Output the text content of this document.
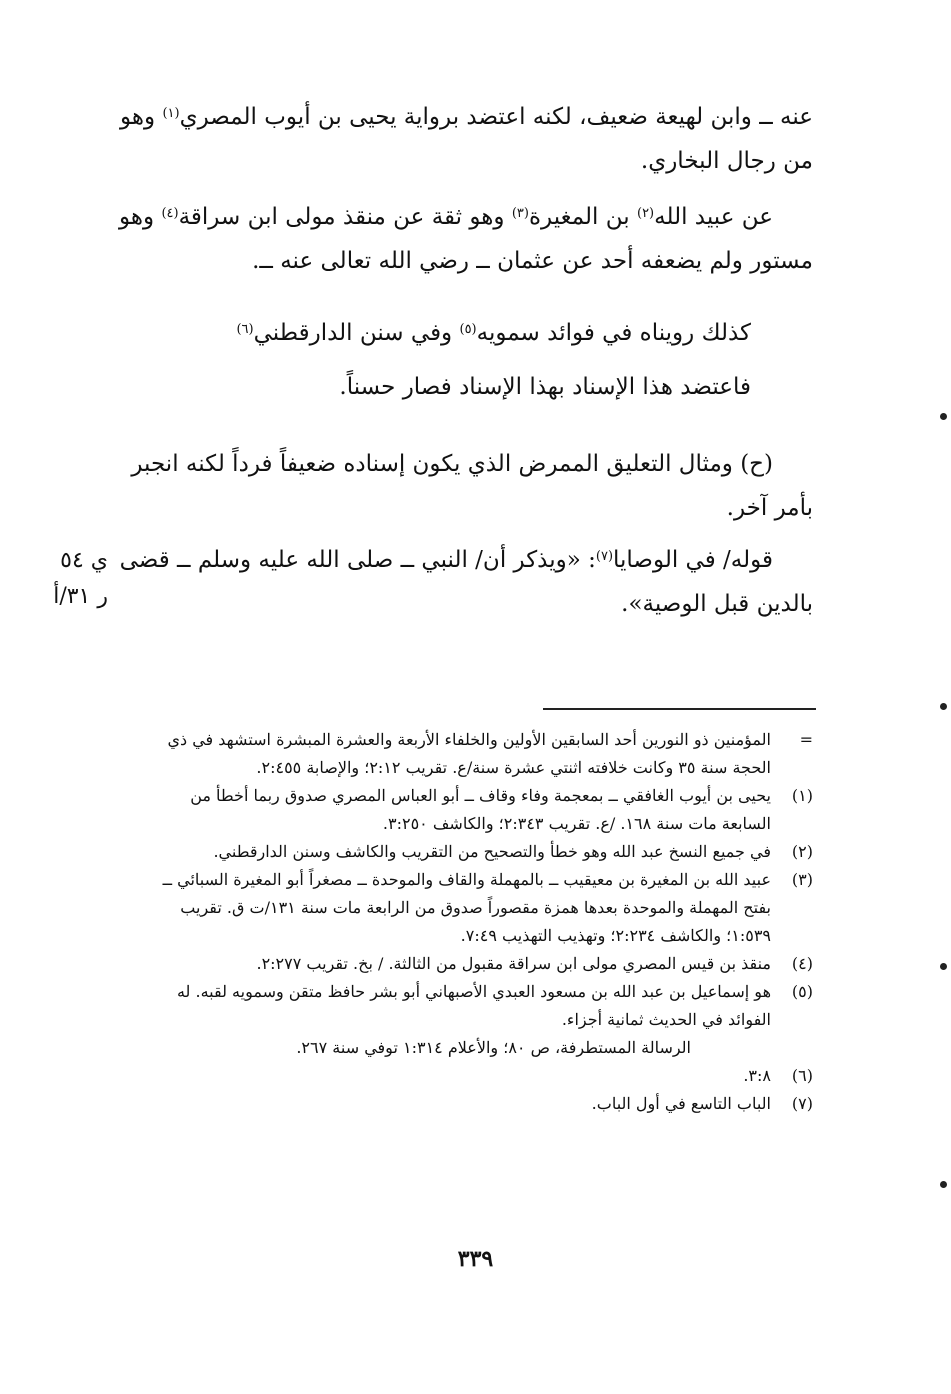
عنه ــ وابن لهيعة ضعيف، لكنه اعتضد برواية يحيى بن أيوب المصري$^{(١)}$ وهو
من رجال البخاري.
عن عبيد الله$^{(٢)}$ بن المغيرة$^{(٣)}$ وهو ثقة عن منقذ مولى ابن سراقة$^{(٤)}$ وهو
مستور ولم يضعفه أحد عن عثمان ــ رضي الله تعالى عنه ــ.
كذلك رويناه في فوائد سمويه$^{(٥)}$ وفي سنن الدارقطني$^{(٦)}$
فاعتضد هذا الإسناد بهذا الإسناد فصار حسناً.
(ح) ومثال التعليق الممرض الذي يكون إسناده ضعيفاً فرداً لكنه انجبر
بأمر آخر.
قوله/ في الوصايا$^{(٧)}$: «ويذكر أن/ النبي ــ صلى الله عليه وسلم ــ قضى
بالدين قبل الوصية».
ي ٥٤
ر ٣١/أ
=
المؤمنين ذو النورين أحد السابقين الأولين والخلفاء الأربعة والعشرة المبشرة استشهد في ذي
الحجة سنة ٣٥ وكانت خلافته اثنتي عشرة سنة/ع. تقريب ٢:١٢؛ والإصابة ٢:٤٥٥.
(١)
يحيى بن أيوب الغافقي ــ بمعجمة وفاء وقاف ــ أبو العباس المصري صدوق ربما أخطأ من
السابعة مات سنة ١٦٨. /ع. تقريب ٢:٣٤٣؛ والكاشف ٣:٢٥٠.
(٢)
في جميع النسخ عبد الله وهو خطأ والتصحيح من التقريب والكاشف وسنن الدارقطني.
(٣)
عبيد الله بن المغيرة بن معيقيب ــ بالمهملة والقاف والموحدة ــ مصغراً أبو المغيرة السبائي ــ
بفتح المهملة والموحدة بعدها همزة مقصوراً صدوق من الرابعة مات سنة ١٣١/ت ق. تقريب
١:٥٣٩؛ والكاشف ٢:٢٣٤؛ وتهذيب التهذيب ٧:٤٩.
(٤)
منقذ بن قيس المصري مولى ابن سراقة مقبول من الثالثة. / بخ. تقريب ٢:٢٧٧.
(٥)
هو إسماعيل بن عبد الله بن مسعود العبدي الأصبهاني أبو بشر حافظ متقن وسمويه لقبه. له
الفوائد في الحديث ثمانية أجزاء.
الرسالة المستطرفة، ص ٨٠؛ والأعلام ١:٣١٤ توفي سنة ٢٦٧.
(٦)
٣:٨.
(٧)
الباب التاسع في أول الباب.
٣٣٩
